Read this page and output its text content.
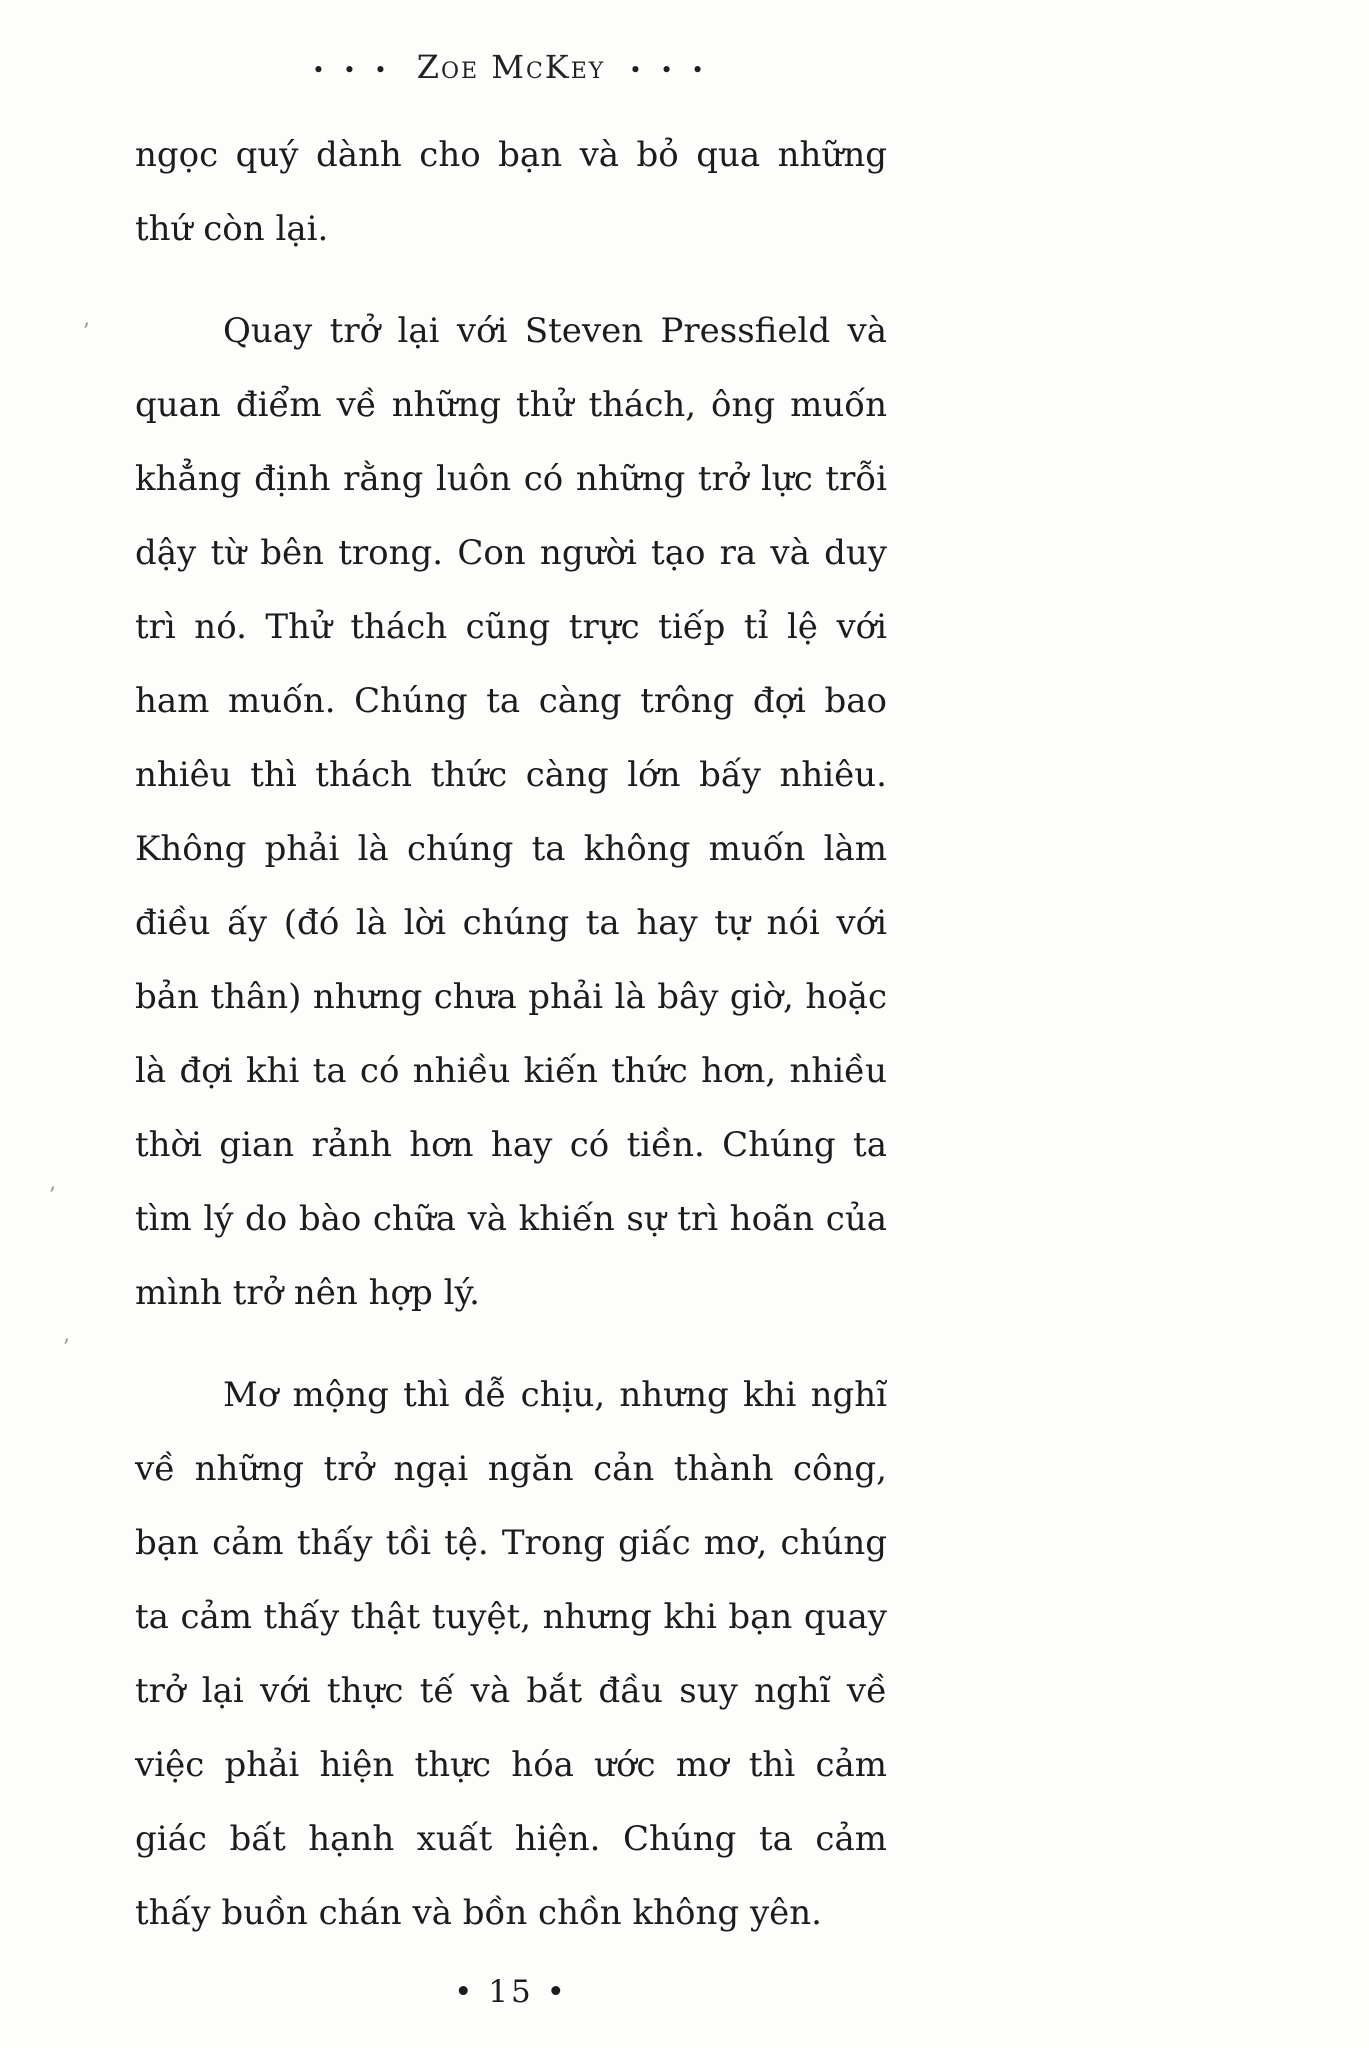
• • • Zoe McKey • • •

ngọc quý dành cho bạn và bỏ qua những thứ còn lại.

Quay trở lại với Steven Pressfield và quan điểm về những thử thách, ông muốn khẳng định rằng luôn có những trở lực trỗi dậy từ bên trong. Con người tạo ra và duy trì nó. Thử thách cũng trực tiếp tỉ lệ với ham muốn. Chúng ta càng trông đợi bao nhiêu thì thách thức càng lớn bấy nhiêu. Không phải là chúng ta không muốn làm điều ấy (đó là lời chúng ta hay tự nói với bản thân) nhưng chưa phải là bây giờ, hoặc là đợi khi ta có nhiều kiến thức hơn, nhiều thời gian rảnh hơn hay có tiền. Chúng ta tìm lý do bào chữa và khiến sự trì hoãn của mình trở nên hợp lý.

Mơ mộng thì dễ chịu, nhưng khi nghĩ về những trở ngại ngăn cản thành công, bạn cảm thấy tồi tệ. Trong giấc mơ, chúng ta cảm thấy thật tuyệt, nhưng khi bạn quay trở lại với thực tế và bắt đầu suy nghĩ về việc phải hiện thực hóa ước mơ thì cảm giác bất hạnh xuất hiện. Chúng ta cảm thấy buồn chán và bồn chồn không yên.

ʼ
ʼ
ʼ
• 15 •
